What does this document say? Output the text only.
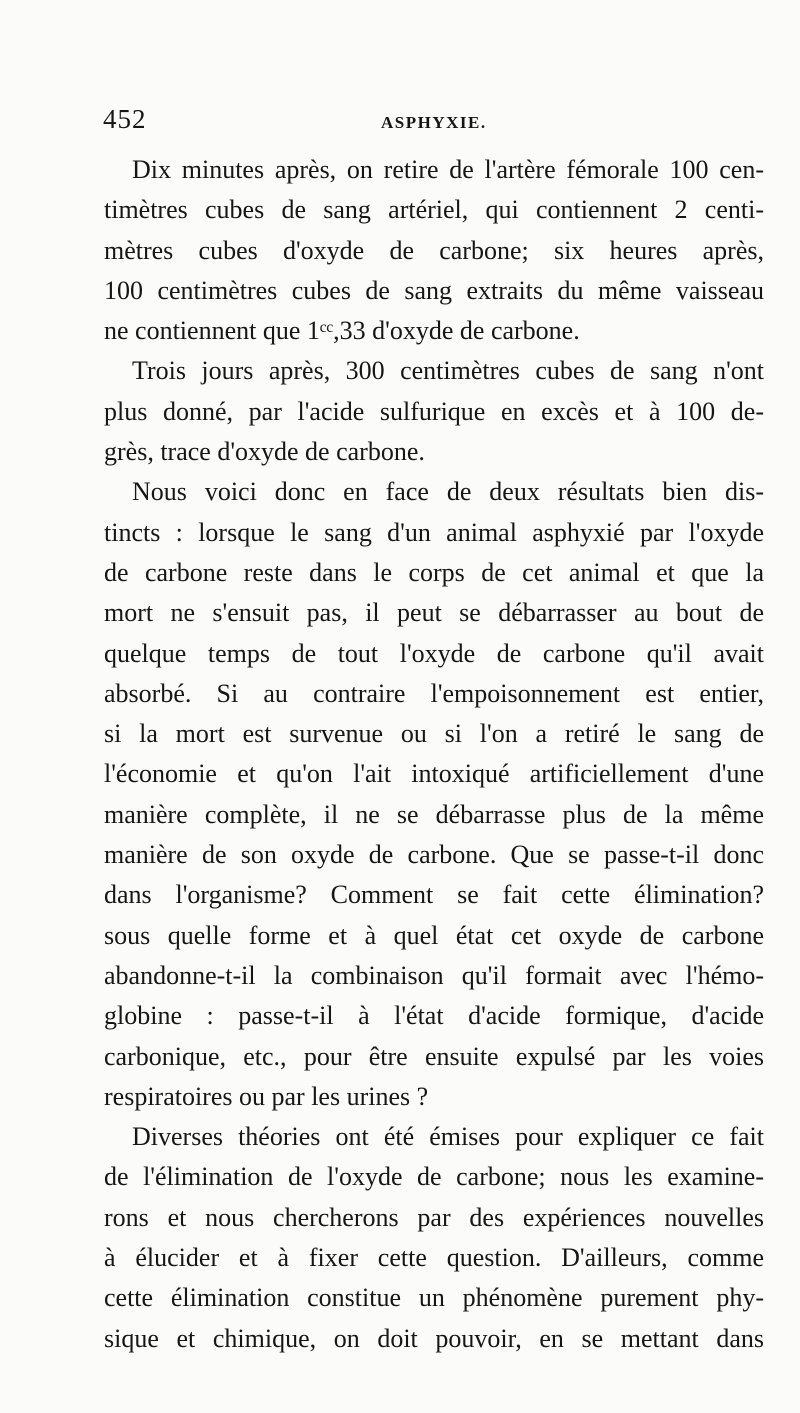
452	ASPHYXIE.
Dix minutes après, on retire de l'artère fémorale 100 cen-
timètres cubes de sang artériel, qui contiennent 2 centi-
mètres cubes d'oxyde de carbone; six heures après,
100 centimètres cubes de sang extraits du même vaisseau
ne contiennent que 1ᶜᶜ,33 d'oxyde de carbone.
Trois jours après, 300 centimètres cubes de sang n'ont
plus donné, par l'acide sulfurique en excès et à 100 de-
grès, trace d'oxyde de carbone.
Nous voici donc en face de deux résultats bien dis-
tincts : lorsque le sang d'un animal asphyxié par l'oxyde
de carbone reste dans le corps de cet animal et que la
mort ne s'ensuit pas, il peut se débarrasser au bout de
quelque temps de tout l'oxyde de carbone qu'il avait
absorbé. Si au contraire l'empoisonnement est entier,
si la mort est survenue ou si l'on a retiré le sang de
l'économie et qu'on l'ait intoxiqué artificiellement d'une
manière complète, il ne se débarrasse plus de la même
manière de son oxyde de carbone. Que se passe-t-il donc
dans l'organisme? Comment se fait cette élimination?
sous quelle forme et à quel état cet oxyde de carbone
abandonne-t-il la combinaison qu'il formait avec l'hémo-
globine : passe-t-il à l'état d'acide formique, d'acide
carbonique, etc., pour être ensuite expulsé par les voies
respiratoires ou par les urines ?
Diverses théories ont été émises pour expliquer ce fait
de l'élimination de l'oxyde de carbone; nous les examine-
rons et nous chercherons par des expériences nouvelles
à élucider et à fixer cette question. D'ailleurs, comme
cette élimination constitue un phénomène purement phy-
sique et chimique, on doit pouvoir, en se mettant dans
